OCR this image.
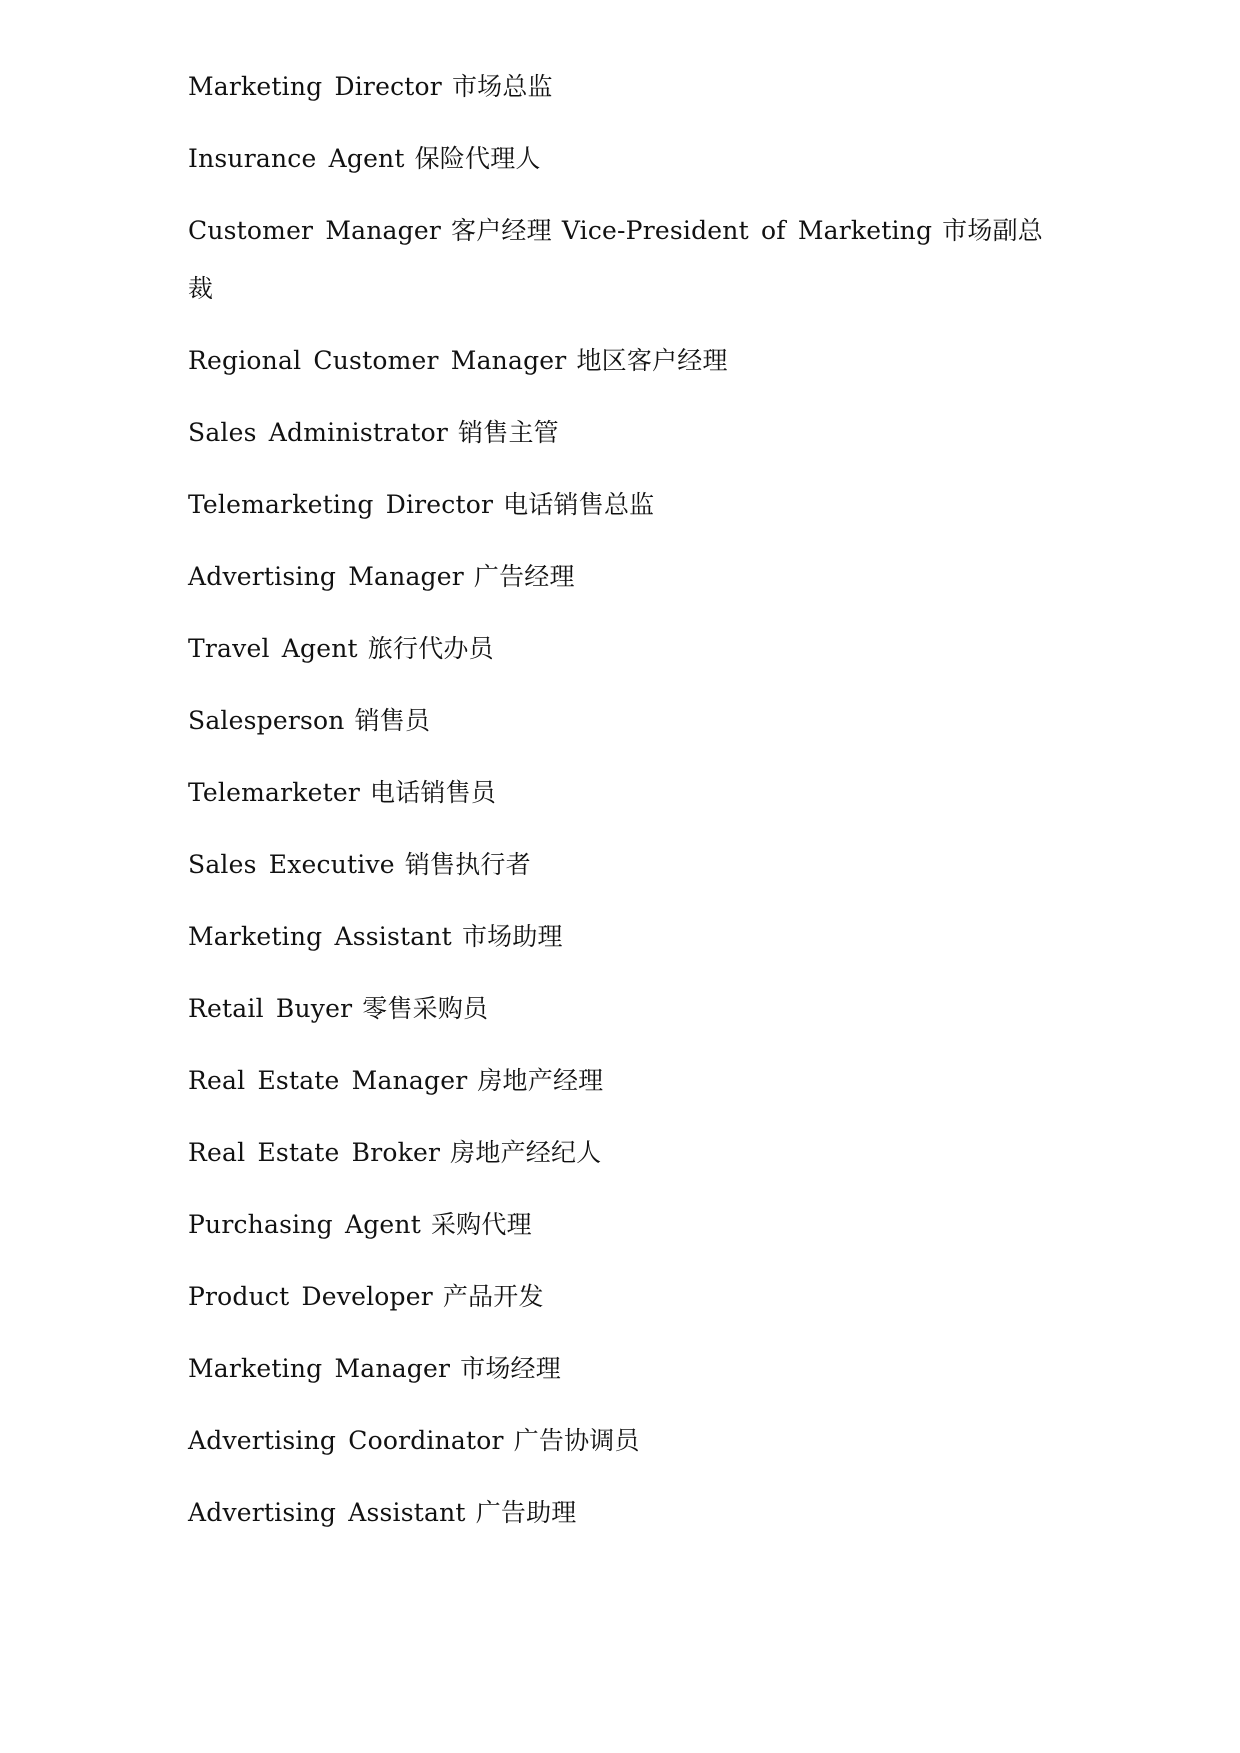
Marketing Director 市场总监

Insurance Agent 保险代理人

Customer Manager 客户经理 Vice-President of Marketing 市场副总裁

Regional Customer Manager 地区客户经理

Sales Administrator 销售主管

Telemarketing Director 电话销售总监

Advertising Manager 广告经理

Travel Agent 旅行代办员

Salesperson 销售员

Telemarketer 电话销售员

Sales Executive 销售执行者

Marketing Assistant 市场助理

Retail Buyer 零售采购员

Real Estate Manager 房地产经理

Real Estate Broker 房地产经纪人

Purchasing Agent 采购代理

Product Developer 产品开发

Marketing Manager 市场经理

Advertising Coordinator 广告协调员

Advertising Assistant 广告助理
